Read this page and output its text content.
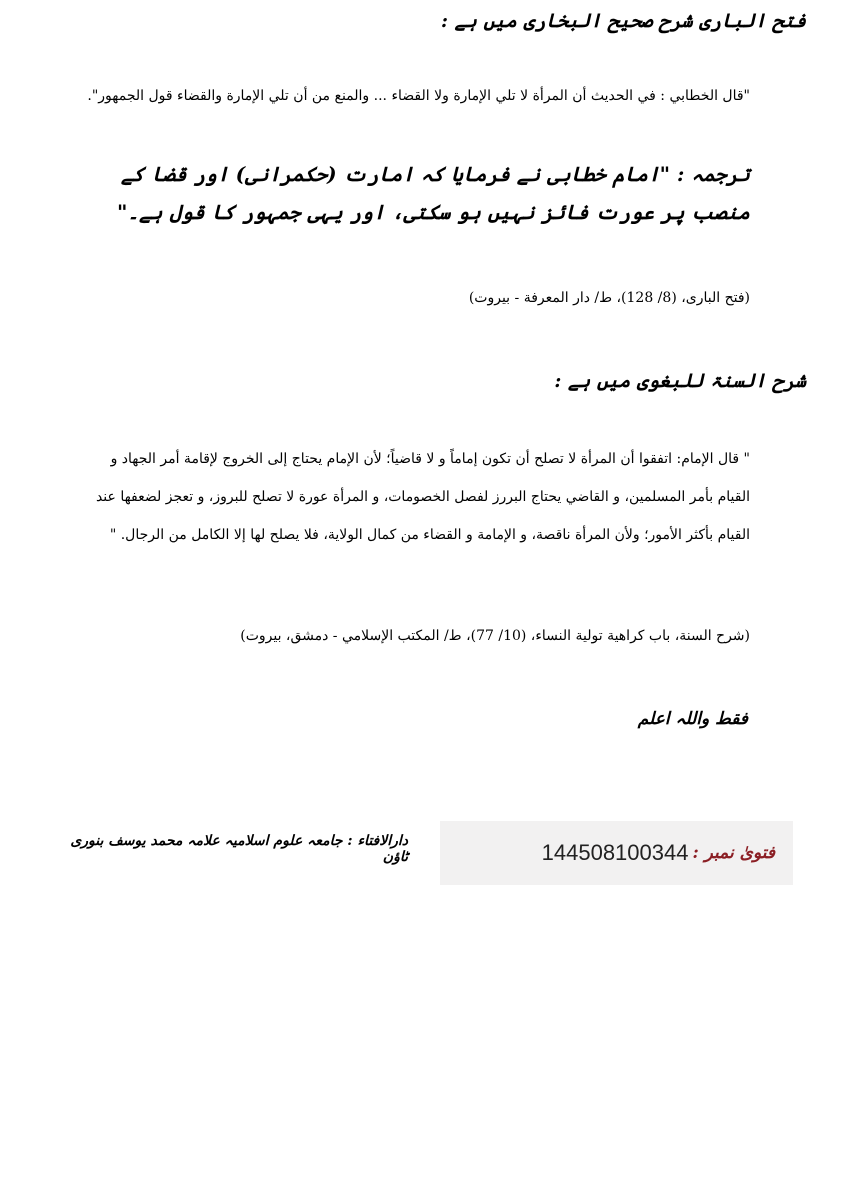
فتح الباری شرح صحیح البخاری میں ہے :
"قال الخطابي : في الحديث أن المرأة لا تلي الإمارة ولا القضاء ... والمنع من أن تلي الإمارة والقضاء قول الجمهور".
ترجمہ : "امام خطابی نے فرمایا کہ امارت (حکمرانی) اور قضا کے منصب پر عورت فائز نہیں ہو سکتی، اور یہی جمہور کا قول ہے۔"
(فتح البارى، (8/ 128)، ط/ دار المعرفة - بيروت)
شرح السنۃ للبغوی میں ہے :
" قال الإمام: اتفقوا أن المرأة لا تصلح أن تكون إماماً و لا قاضياً؛ لأن الإمام يحتاج إلى الخروج لإقامة أمر الجهاد و القيام بأمر المسلمين، و القاضي يحتاج البررز لفصل الخصومات، و المرأة عورة لا تصلح للبروز، و تعجز لضعفها عند القيام بأكثر الأمور؛ ولأن المرأة ناقصة، و الإمامة و القضاء من كمال الولاية، فلا يصلح لها إلا الكامل من الرجال. "
(شرح السنة، باب كراهية تولية النساء، (10/ 77)، ط/ المكتب الإسلامي - دمشق، بيروت)
فقط واللہ اعلم
فتویٰ نمبر :
144508100344
دارالافتاء : جامعہ علوم اسلامیہ علامہ محمد یوسف بنوری ٹاؤن
